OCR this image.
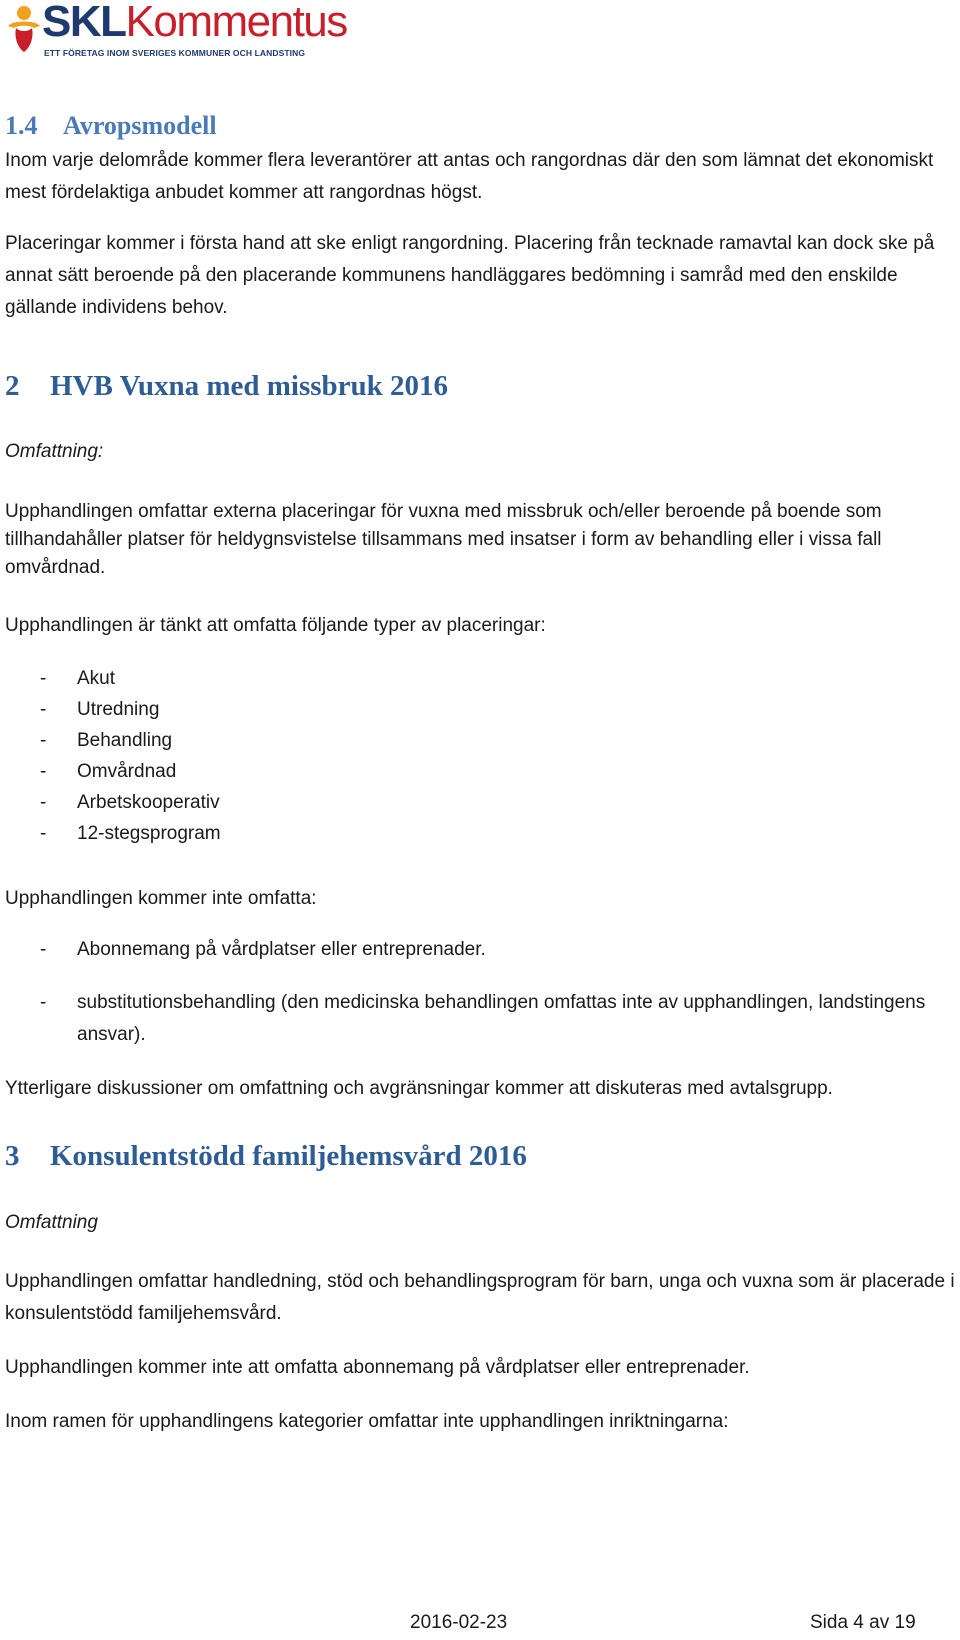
SKLKommentus
ETT FÖRETAG INOM SVERIGES KOMMUNER OCH LANDSTING
1.4 Avropsmodell

Inom varje delområde kommer flera leverantörer att antas och rangordnas där den som lämnat det ekonomiskt mest fördelaktiga anbudet kommer att rangordnas högst.

Placeringar kommer i första hand att ske enligt rangordning. Placering från tecknade ramavtal kan dock ske på annat sätt beroende på den placerande kommunens handläggares bedömning i samråd med den enskilde gällande individens behov.

2 HVB Vuxna med missbruk 2016

Omfattning:

Upphandlingen omfattar externa placeringar för vuxna med missbruk och/eller beroende på boende som tillhandahåller platser för heldygnsvistelse tillsammans med insatser i form av behandling eller i vissa fall omvårdnad.

Upphandlingen är tänkt att omfatta följande typer av placeringar:

- Akut
- Utredning
- Behandling
- Omvårdnad
- Arbetskooperativ
- 12-stegsprogram

Upphandlingen kommer inte omfatta:

- Abonnemang på vårdplatser eller entreprenader.
- substitutionsbehandling (den medicinska behandlingen omfattas inte av upphandlingen, landstingens ansvar).

Ytterligare diskussioner om omfattning och avgränsningar kommer att diskuteras med avtalsgrupp.

3 Konsulentstödd familjehemsvård 2016

Omfattning

Upphandlingen omfattar handledning, stöd och behandlingsprogram för barn, unga och vuxna som är placerade i konsulentstödd familjehemsvård.

Upphandlingen kommer inte att omfatta abonnemang på vårdplatser eller entreprenader.

Inom ramen för upphandlingens kategorier omfattar inte upphandlingen inriktningarna:

2016-02-23	Sida 4 av 19
